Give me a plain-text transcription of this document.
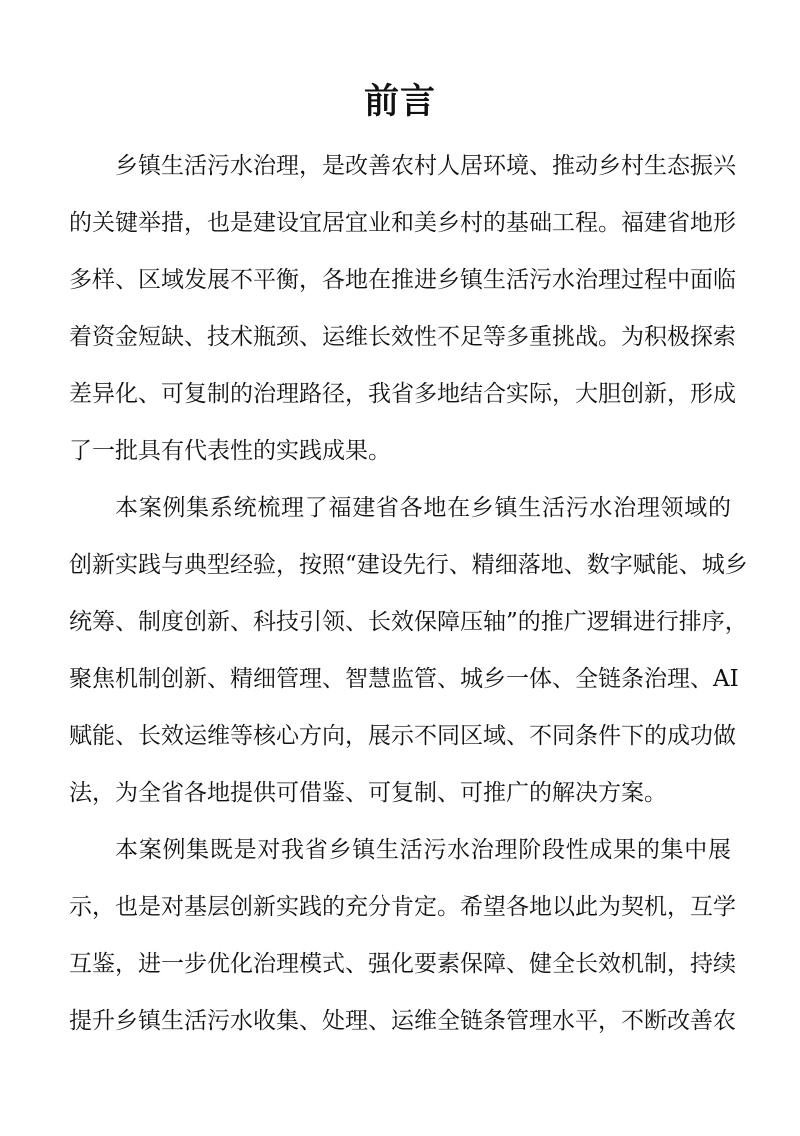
前言
乡镇生活污水治理，是改善农村人居环境、推动乡村生态振兴
的关键举措，也是建设宜居宜业和美乡村的基础工程。福建省地形
多样、区域发展不平衡，各地在推进乡镇生活污水治理过程中面临
着资金短缺、技术瓶颈、运维长效性不足等多重挑战。为积极探索
差异化、可复制的治理路径，我省多地结合实际，大胆创新，形成
了一批具有代表性的实践成果。
本案例集系统梳理了福建省各地在乡镇生活污水治理领域的
创新实践与典型经验，按照“建设先行、精细落地、数字赋能、城乡
统筹、制度创新、科技引领、长效保障压轴”的推广逻辑进行排序，
聚焦机制创新、精细管理、智慧监管、城乡一体、全链条治理、AI
赋能、长效运维等核心方向，展示不同区域、不同条件下的成功做
法，为全省各地提供可借鉴、可复制、可推广的解决方案。
本案例集既是对我省乡镇生活污水治理阶段性成果的集中展
示，也是对基层创新实践的充分肯定。希望各地以此为契机，互学
互鉴，进一步优化治理模式、强化要素保障、健全长效机制，持续
提升乡镇生活污水收集、处理、运维全链条管理水平，不断改善农
